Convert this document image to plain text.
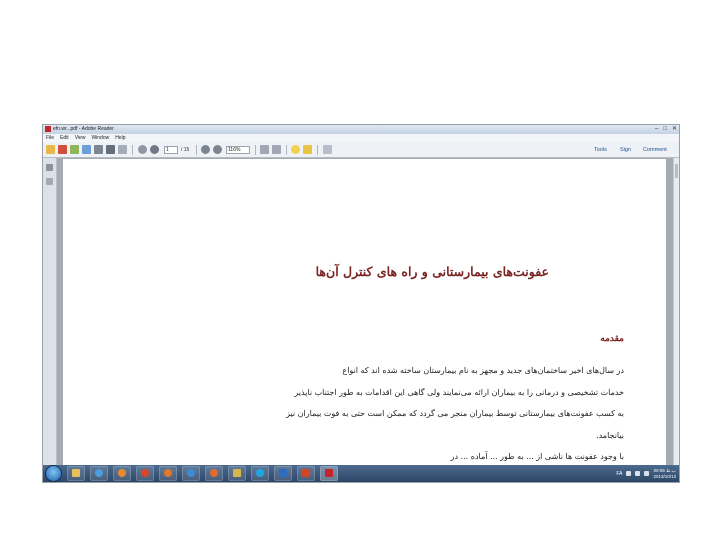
efn.wr...pdf - Adobe Reader	– □ ✕
File Edit View Window Help
1	/ 15	116%	Tools Sign Comment
عفونت‌های بیمارستانی و راه های کنترل آن‌ها
مقدمه
در سال‌های اخیر ساختمان‌های جدید و مجهز به نام بیمارستان ساخته شده اند که انواع
خدمات تشخیصی و درمانی را به بیماران ارائه می‌نمایند ولی گاهی این اقدامات به طور اجتناب ناپذیر
به کسب عفونت‌های بیمارستانی توسط بیماران منجر می گردد که ممکن است حتی به فوت بیماران نیز
بیانجامد.
با وجود عفونت ها ناشی از ... به طور ... آماده ... در
FA
06:55 ب.ظ
2013/10/13
